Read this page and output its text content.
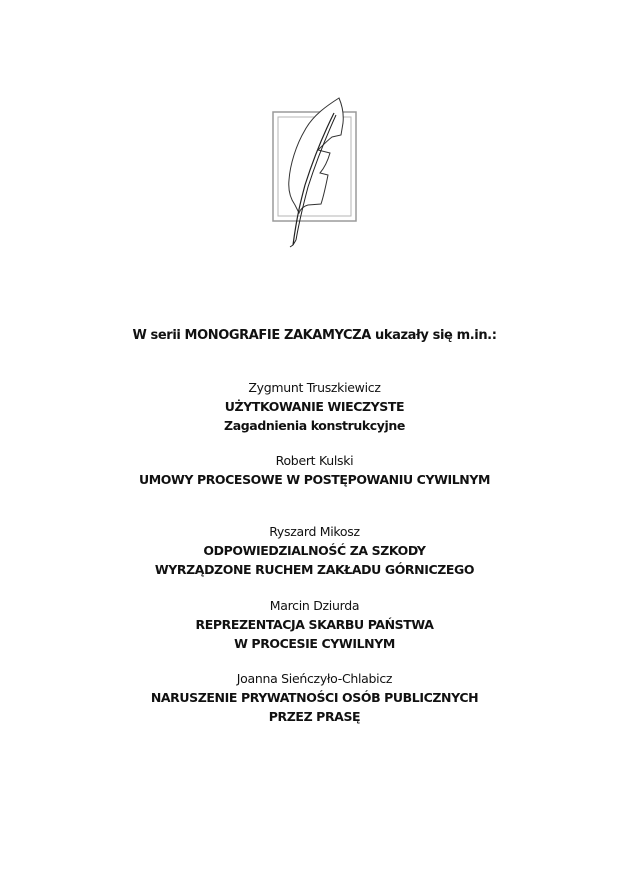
W serii MONOGRAFIE ZAKAMYCZA ukazały się m.in.:
Zygmunt Truszkiewicz
UŻYTKOWANIE WIECZYSTE
Zagadnienia konstrukcyjne
Robert Kulski
UMOWY PROCESOWE W POSTĘPOWANIU CYWILNYM
Ryszard Mikosz
ODPOWIEDZIALNOŚĆ ZA SZKODY
WYRZĄDZONE RUCHEM ZAKŁADU GÓRNICZEGO
Marcin Dziurda
REPREZENTACJA SKARBU PAŃSTWA
W PROCESIE CYWILNYM
Joanna Sieńczyło-Chlabicz
NARUSZENIE PRYWATNOŚCI OSÓB PUBLICZNYCH
PRZEZ PRASĘ
